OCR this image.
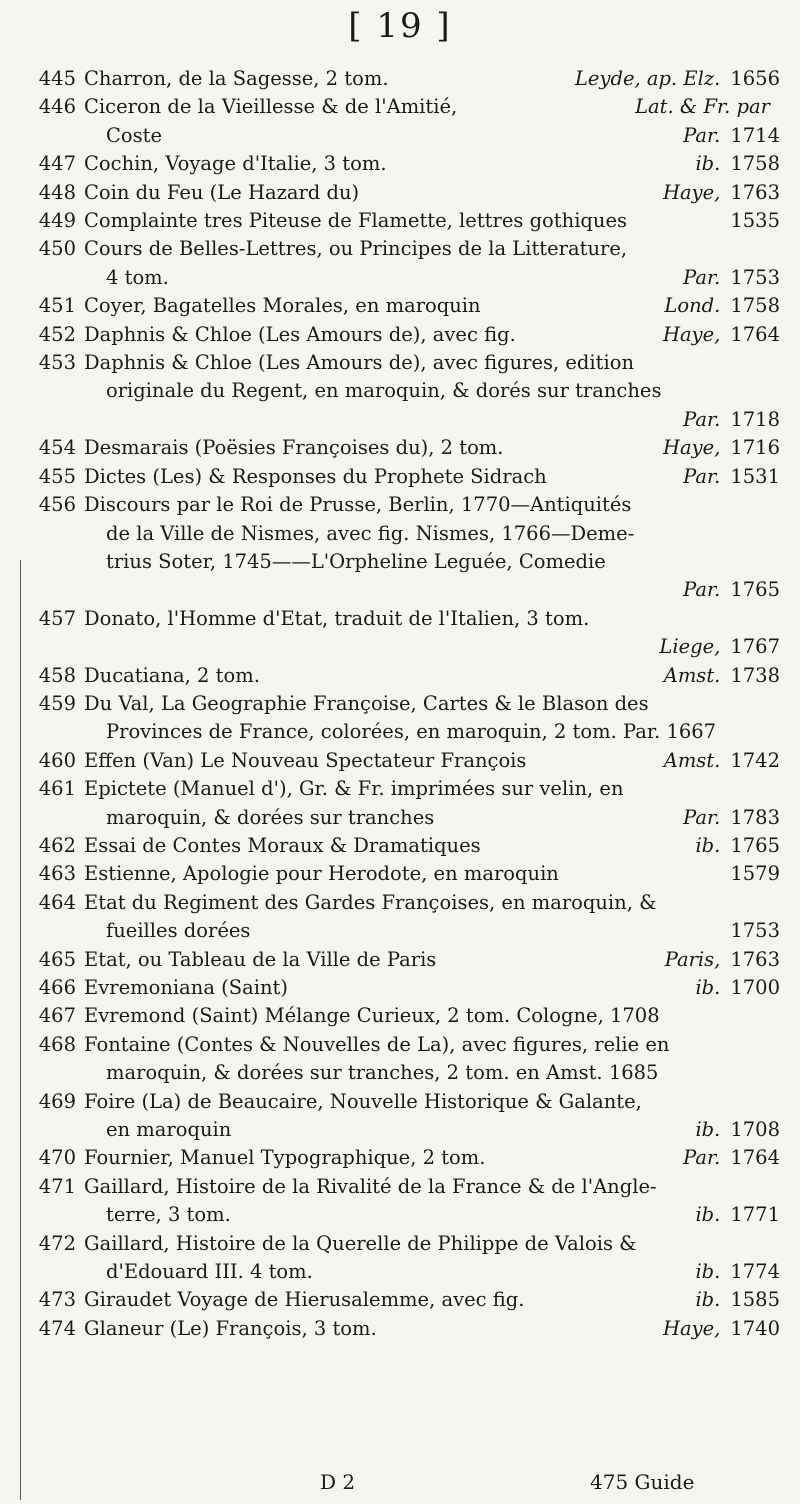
[ 19 ]
445 Charron, de la Sagesse, 2 tom.	Leyde, ap. Elz. 1656
446 Ciceron de la Vieillesse & de l'Amitié,	Lat. & Fr. par
Coste	Par. 1714
447 Cochin, Voyage d'Italie, 3 tom.	ib. 1758
448 Coin du Feu (Le Hazard du)	Haye, 1763
449 Complainte tres Piteuse de Flamette, lettres gothiques	1535
450 Cours de Belles-Lettres, ou Principes de la Litterature,
4 tom.	Par. 1753
451 Coyer, Bagatelles Morales, en maroquin	Lond. 1758
452 Daphnis & Chloe (Les Amours de), avec fig.	Haye, 1764
453 Daphnis & Chloe (Les Amours de), avec figures, edition
originale du Regent, en maroquin, & dorés sur tranches
Par. 1718
454 Desmarais (Poësies Françoises du), 2 tom.	Haye, 1716
455 Dictes (Les) & Responses du Prophete Sidrach	Par. 1531
456 Discours par le Roi de Prusse, Berlin, 1770—Antiquités
de la Ville de Nismes, avec fig. Nismes, 1766—Deme-
trius Soter, 1745——L'Orpheline Leguée, Comedie
Par. 1765
457 Donato, l'Homme d'Etat, traduit de l'Italien, 3 tom.
Liege, 1767
458 Ducatiana, 2 tom.	Amst. 1738
459 Du Val, La Geographie Françoise, Cartes & le Blason des
Provinces de France, colorées, en maroquin, 2 tom. Par. 1667
460 Effen (Van) Le Nouveau Spectateur François	Amst. 1742
461 Epictete (Manuel d'), Gr. & Fr. imprimées sur velin, en
maroquin, & dorées sur tranches	Par. 1783
462 Essai de Contes Moraux & Dramatiques	ib. 1765
463 Estienne, Apologie pour Herodote, en maroquin	1579
464 Etat du Regiment des Gardes Françoises, en maroquin, &
fueilles dorées	1753
465 Etat, ou Tableau de la Ville de Paris	Paris, 1763
466 Evremoniana (Saint)	ib. 1700
467 Evremond (Saint) Mélange Curieux, 2 tom. Cologne, 1708
468 Fontaine (Contes & Nouvelles de La), avec figures, relie en
maroquin, & dorées sur tranches, 2 tom. en Amst. 1685
469 Foire (La) de Beaucaire, Nouvelle Historique & Galante,
en maroquin	ib. 1708
470 Fournier, Manuel Typographique, 2 tom.	Par. 1764
471 Gaillard, Histoire de la Rivalité de la France & de l'Angle-
terre, 3 tom.	ib. 1771
472 Gaillard, Histoire de la Querelle de Philippe de Valois &
d'Edouard III. 4 tom.	ib. 1774
473 Giraudet Voyage de Hierusalemme, avec fig.	ib. 1585
474 Glaneur (Le) François, 3 tom.	Haye, 1740
D 2	475 Guide
